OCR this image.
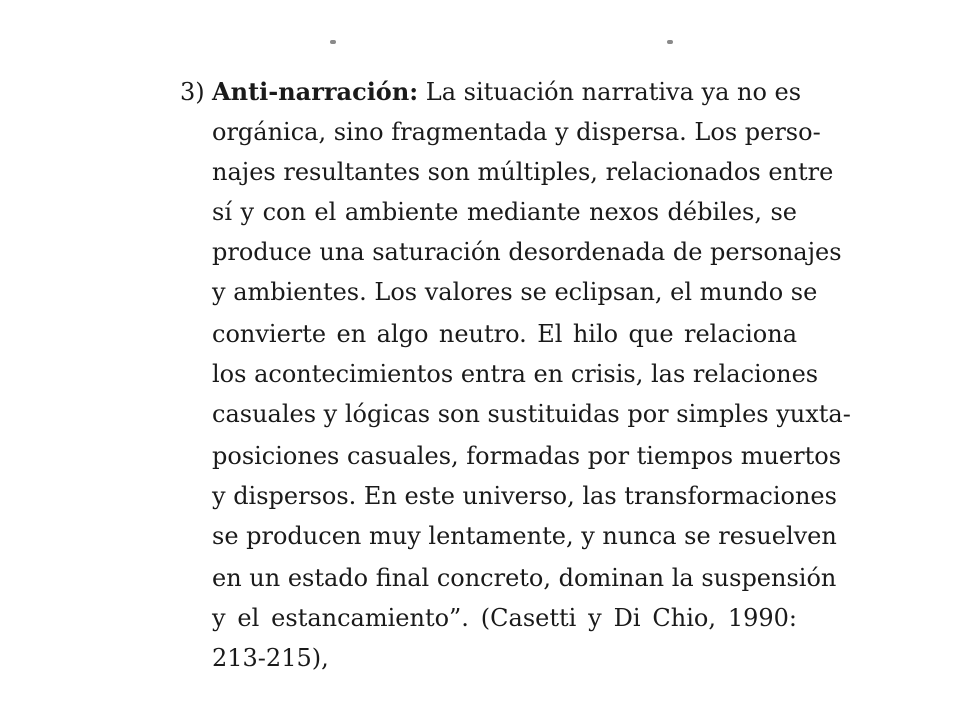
3) Anti-narración: La situación narrativa ya no es
orgánica, sino fragmentada y dispersa. Los perso-
najes resultantes son múltiples, relacionados entre
sí y con el ambiente mediante nexos débiles, se
produce una saturación desordenada de personajes
y ambientes. Los valores se eclipsan, el mundo se
convierte en algo neutro. El hilo que relaciona
los acontecimientos entra en crisis, las relaciones
casuales y lógicas son sustituidas por simples yuxta-
posiciones casuales, formadas por tiempos muertos
y dispersos. En este universo, las transformaciones
se producen muy lentamente, y nunca se resuelven
en un estado final concreto, dominan la suspensión
y el estancamiento”. (Casetti y Di Chio, 1990:
213-215),
